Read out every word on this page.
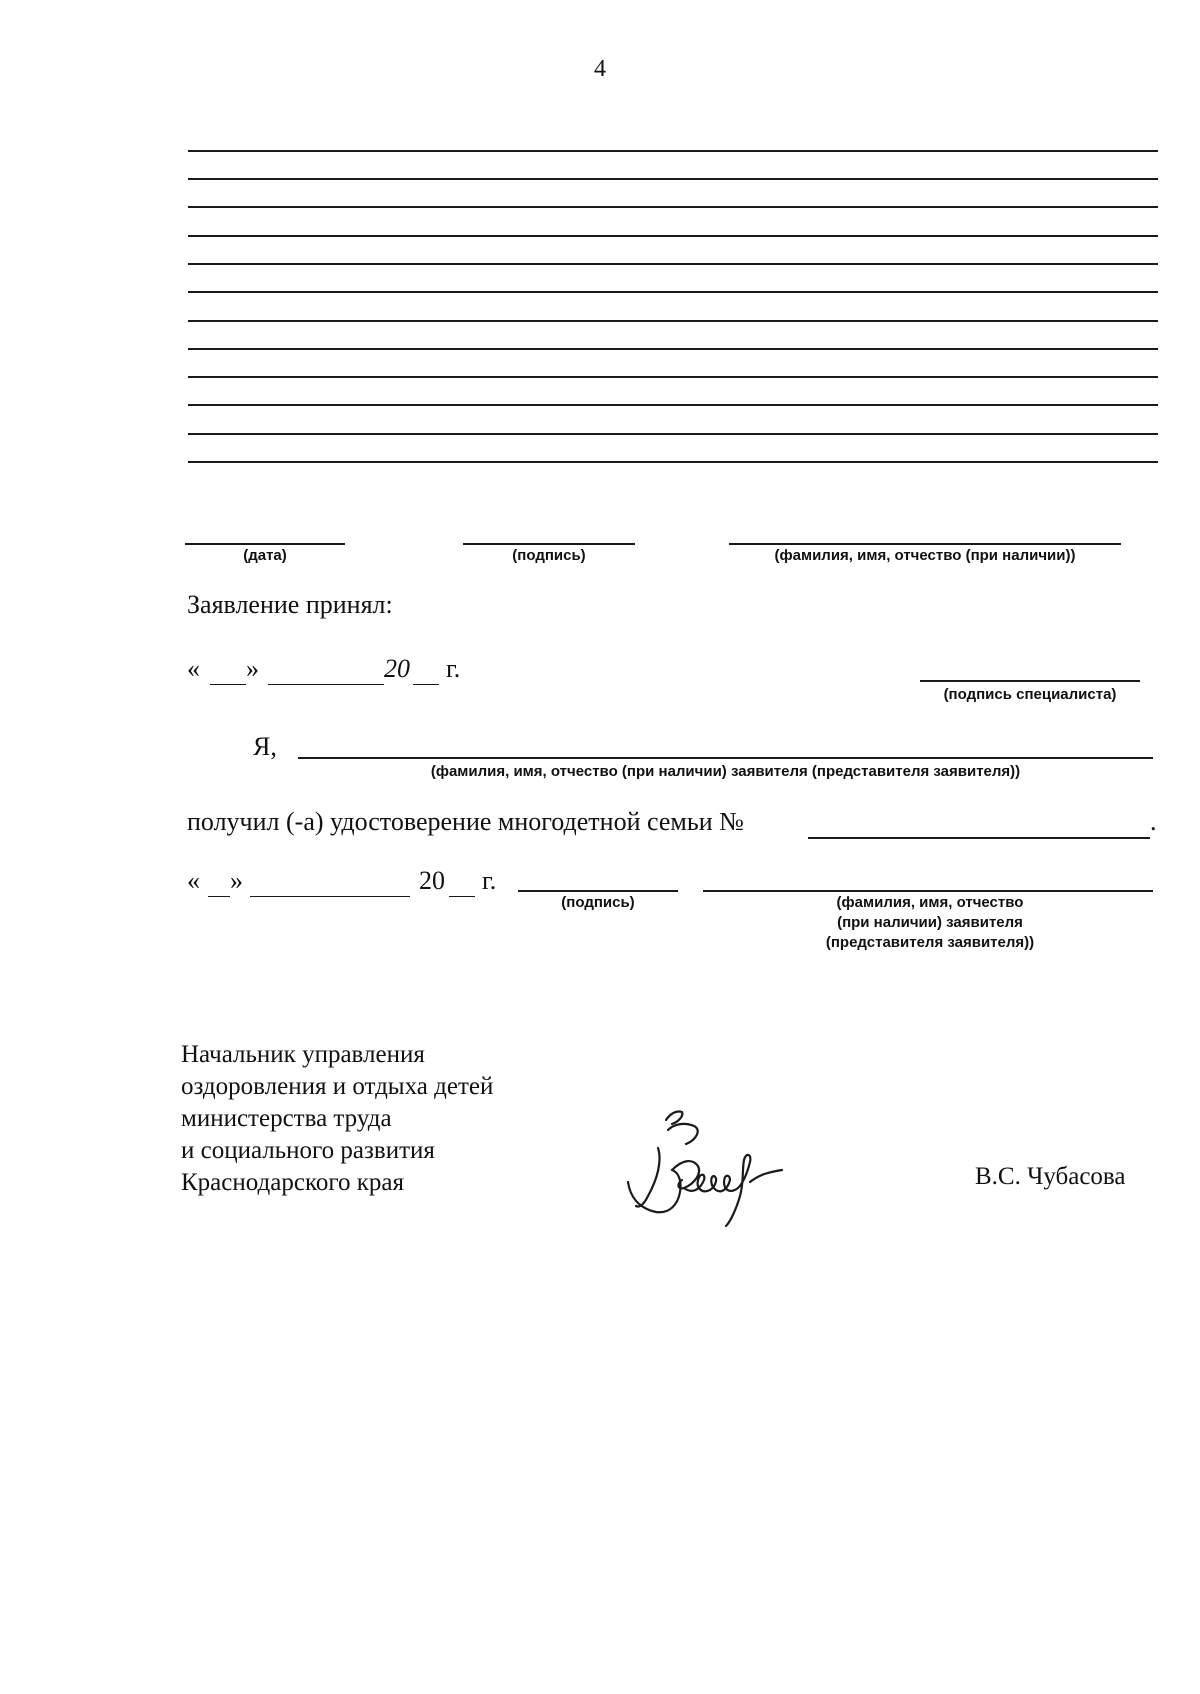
4
(дата)	(подпись)	(фамилия, имя, отчество (при наличии))
Заявление принял:
« »	20 г.
(подпись специалиста)
Я,
(фамилия, имя, отчество (при наличии) заявителя (представителя заявителя))
получил (-а) удостоверение многодетной семьи №	.
« »	20 г.
(подпись)	(фамилия, имя, отчество
(при наличии) заявителя
(представителя заявителя))
Начальник управления
оздоровления и отдыха детей
министерства труда
и социального развития
Краснодарского края	В.С. Чубасова
